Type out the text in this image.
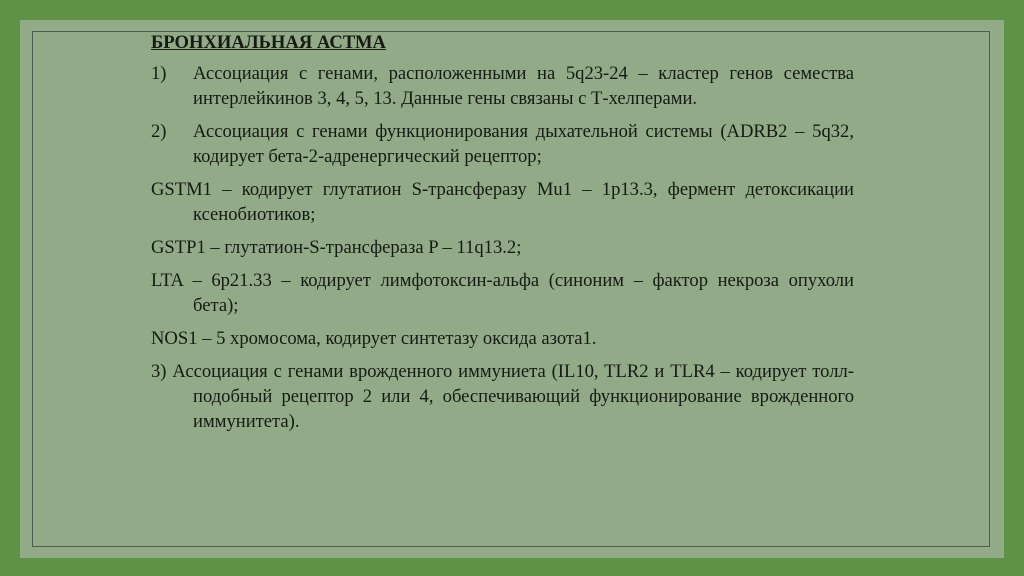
БРОНХИАЛЬНАЯ АСТМА
1)	Ассоциация с генами, расположенными на 5q23-24 – кластер генов семества интерлейкинов 3, 4, 5, 13. Данные гены связаны с Т-хелперами.
2)	Ассоциация с генами функционирования дыхательной системы (ADRB2 – 5q32, кодирует бета-2-адренергический рецептор;
GSTM1 – кодирует глутатион S-трансферазу Mu1 – 1p13.3, фермент детоксикации ксенобиотиков;
GSTP1 – глутатион-S-трансфераза P – 11q13.2;
LTA – 6p21.33 – кодирует лимфотоксин-альфа (синоним – фактор некроза опухоли бета);
NOS1 – 5 хромосома, кодирует синтетазу оксида азота1.
3) Ассоциация с генами врожденного иммуниета (IL10, TLR2 и TLR4 – кодирует толл-подобный рецептор 2 или 4, обеспечивающий функционирование врожденного иммунитета).
